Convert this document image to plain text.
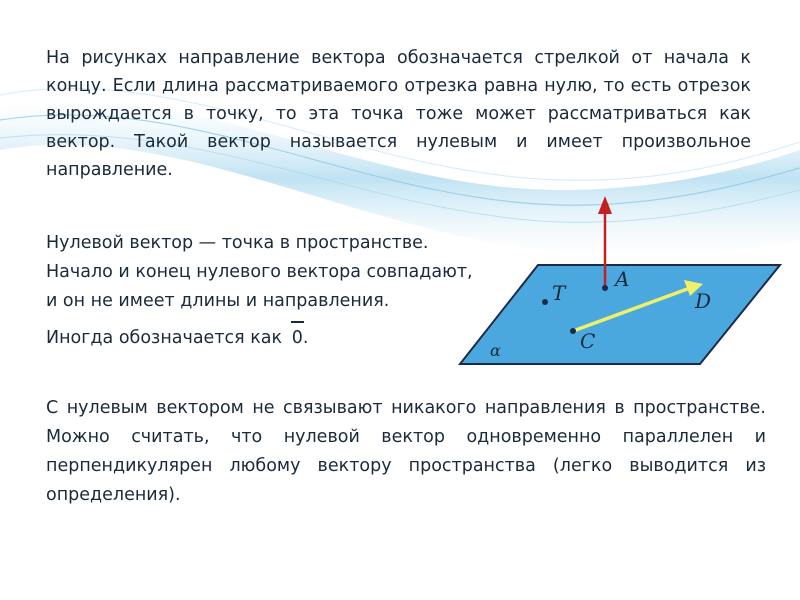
На рисунках направление вектора обозначается стрелкой от начала к концу. Если длина рассматриваемого отрезка равна нулю, то есть отрезок вырождается в точку, то эта точка тоже может рассматриваться как вектор. Такой вектор называется нулевым и имеет произвольное направление.

Нулевой вектор — точка в пространстве.
Начало и конец нулевого вектора совпадают,
и он не имеет длины и направления.

Иногда обозначается как 0.

С нулевым вектором не связывают никакого направления в пространстве. Можно считать, что нулевой вектор одновременно параллелен и перпендикулярен любому вектору пространства (легко выводится из определения).

A
D
T
C
α
